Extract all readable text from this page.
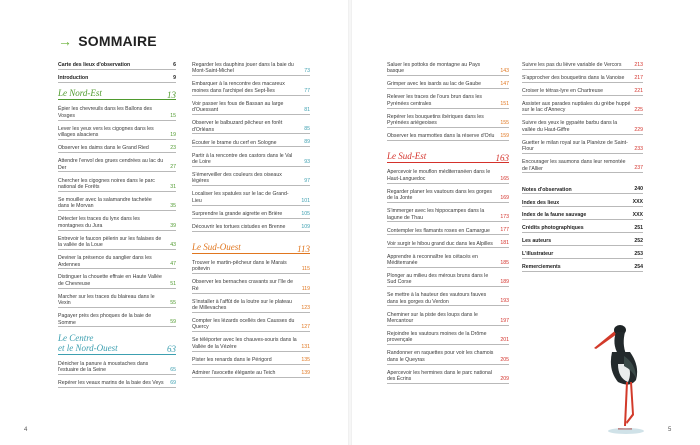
→ SOMMAIRE
Carte des lieux d'observation	6
Introduction	9
Le Nord-Est	13
Épier les chevreuils dans les Ballons des Vosges	15
Lever les yeux vers les cigognes dans les villages alsaciens	19
Observer les daims dans le Grand Ried	23
Attendre l'envol des grues cendrées au lac du Der	27
Chercher les cigognes noires dans le parc national de Forêts	31
Se mouiller avec la salamandre tachetée dans le Morvan	35
Détecter les traces du lynx dans les montagnes du Jura	39
Entrevoir le faucon pèlerin sur les falaises de la vallée de la Loue	43
Deviner la présence du sanglier dans les Ardennes	47
Distinguer la chouette effraie en Haute Vallée de Chevreuse	51
Marcher sur les traces du blaireau dans le Vexin	55
Pagayer près des phoques de la baie de Somme	59
Le Centre
et le Nord-Ouest	63
Dénicher la panure à moustaches dans l'estuaire de la Seine	65
Repérer les veaux marins de la baie des Veys 69
Regarder les dauphins jouer dans la baie du Mont-Saint-Michel	73
Embarquer à la rencontre des macareux moines dans l'archipel des Sept-Îles	77
Voir passer les fous de Bassan au large d'Ouessant	81
Observer le balbuzard pêcheur en forêt d'Orléans	85
Écouter le brame du cerf en Sologne	89
Partir à la rencontre des castors dans le Val de Loire	93
S'émerveiller des couleurs des oiseaux légères	97
Localiser les spatules sur le lac de Grand-Lieu	101
Surprendre la grande aigrette en Brière	105
Découvrir les tortues cistudes en Brenne	109
Le Sud-Ouest	113
Trouver le martin-pêcheur dans le Marais poitevin	115
Observer les bernaches cravants sur l'île de Ré	119
S'installer à l'affût de la loutre sur le plateau de Millevaches	123
Compter les lézards ocellés des Causses du Quercy	127
Se téléporter avec les chauves-souris dans la Vallée de la Vézère	131
Pister les renards dans le Périgord	135
Admirer l'avocette élégante au Teich	139
Saluer les pottoks de montagne au Pays basque	143
Grimper avec les isards au lac de Gaube	147
Relever les traces de l'ours brun dans les Pyrénées centrales	151
Repérer les bouquetins ibériques dans les Pyrénées ariégeoises	155
Observer les marmottes dans la réserve d'Orlu 159
Le Sud-Est	163
Apercevoir le mouflon méditerranéen dans le Haut-Languedoc	165
Regarder planer les vautours dans les gorges de la Jonte	169
S'immerger avec les hippocampes dans la lagune de Thau	173
Contempler les flamants roses en Camargue 177
Voir surgir le hibou grand duc dans les Alpilles 181
Apprendre à reconnaître les cétacés en Méditerranée	185
Plonger au milieu des mérous bruns dans le Sud Corse	189
Se mettre à la hauteur des vautours fauves dans les gorges du Verdon	193
Cheminer sur la piste des loups dans le Mercantour	197
Rejoindre les vautours moines de la Drôme provençale	201
Randonner en raquettes pour voir les chamois dans le Queyras	205
Apercevoir les hermines dans le parc national des Écrins	209
Suivre les pas du lièvre variable de Vercors 213
S'approcher des bouquetins dans la Vanoise 217
Croiser le tétras-lyre en Chartreuse	221
Assister aux parades nuptiales du grèbe huppé sur le lac d'Annecy	225
Suivre des yeux le gypaète barbu dans la vallée du Haut-Giffre	229
Guetter le milan royal sur la Planèze de Saint-Flour	233
Encourager les saumons dans leur remontée de l'Allier	237
Notes d'observation	240
Index des lieux	XXX
Index de la faune sauvage	XXX
Crédits photographiques	251
Les auteurs	252
L'illustrateur	253
Remerciements	254
4	5
